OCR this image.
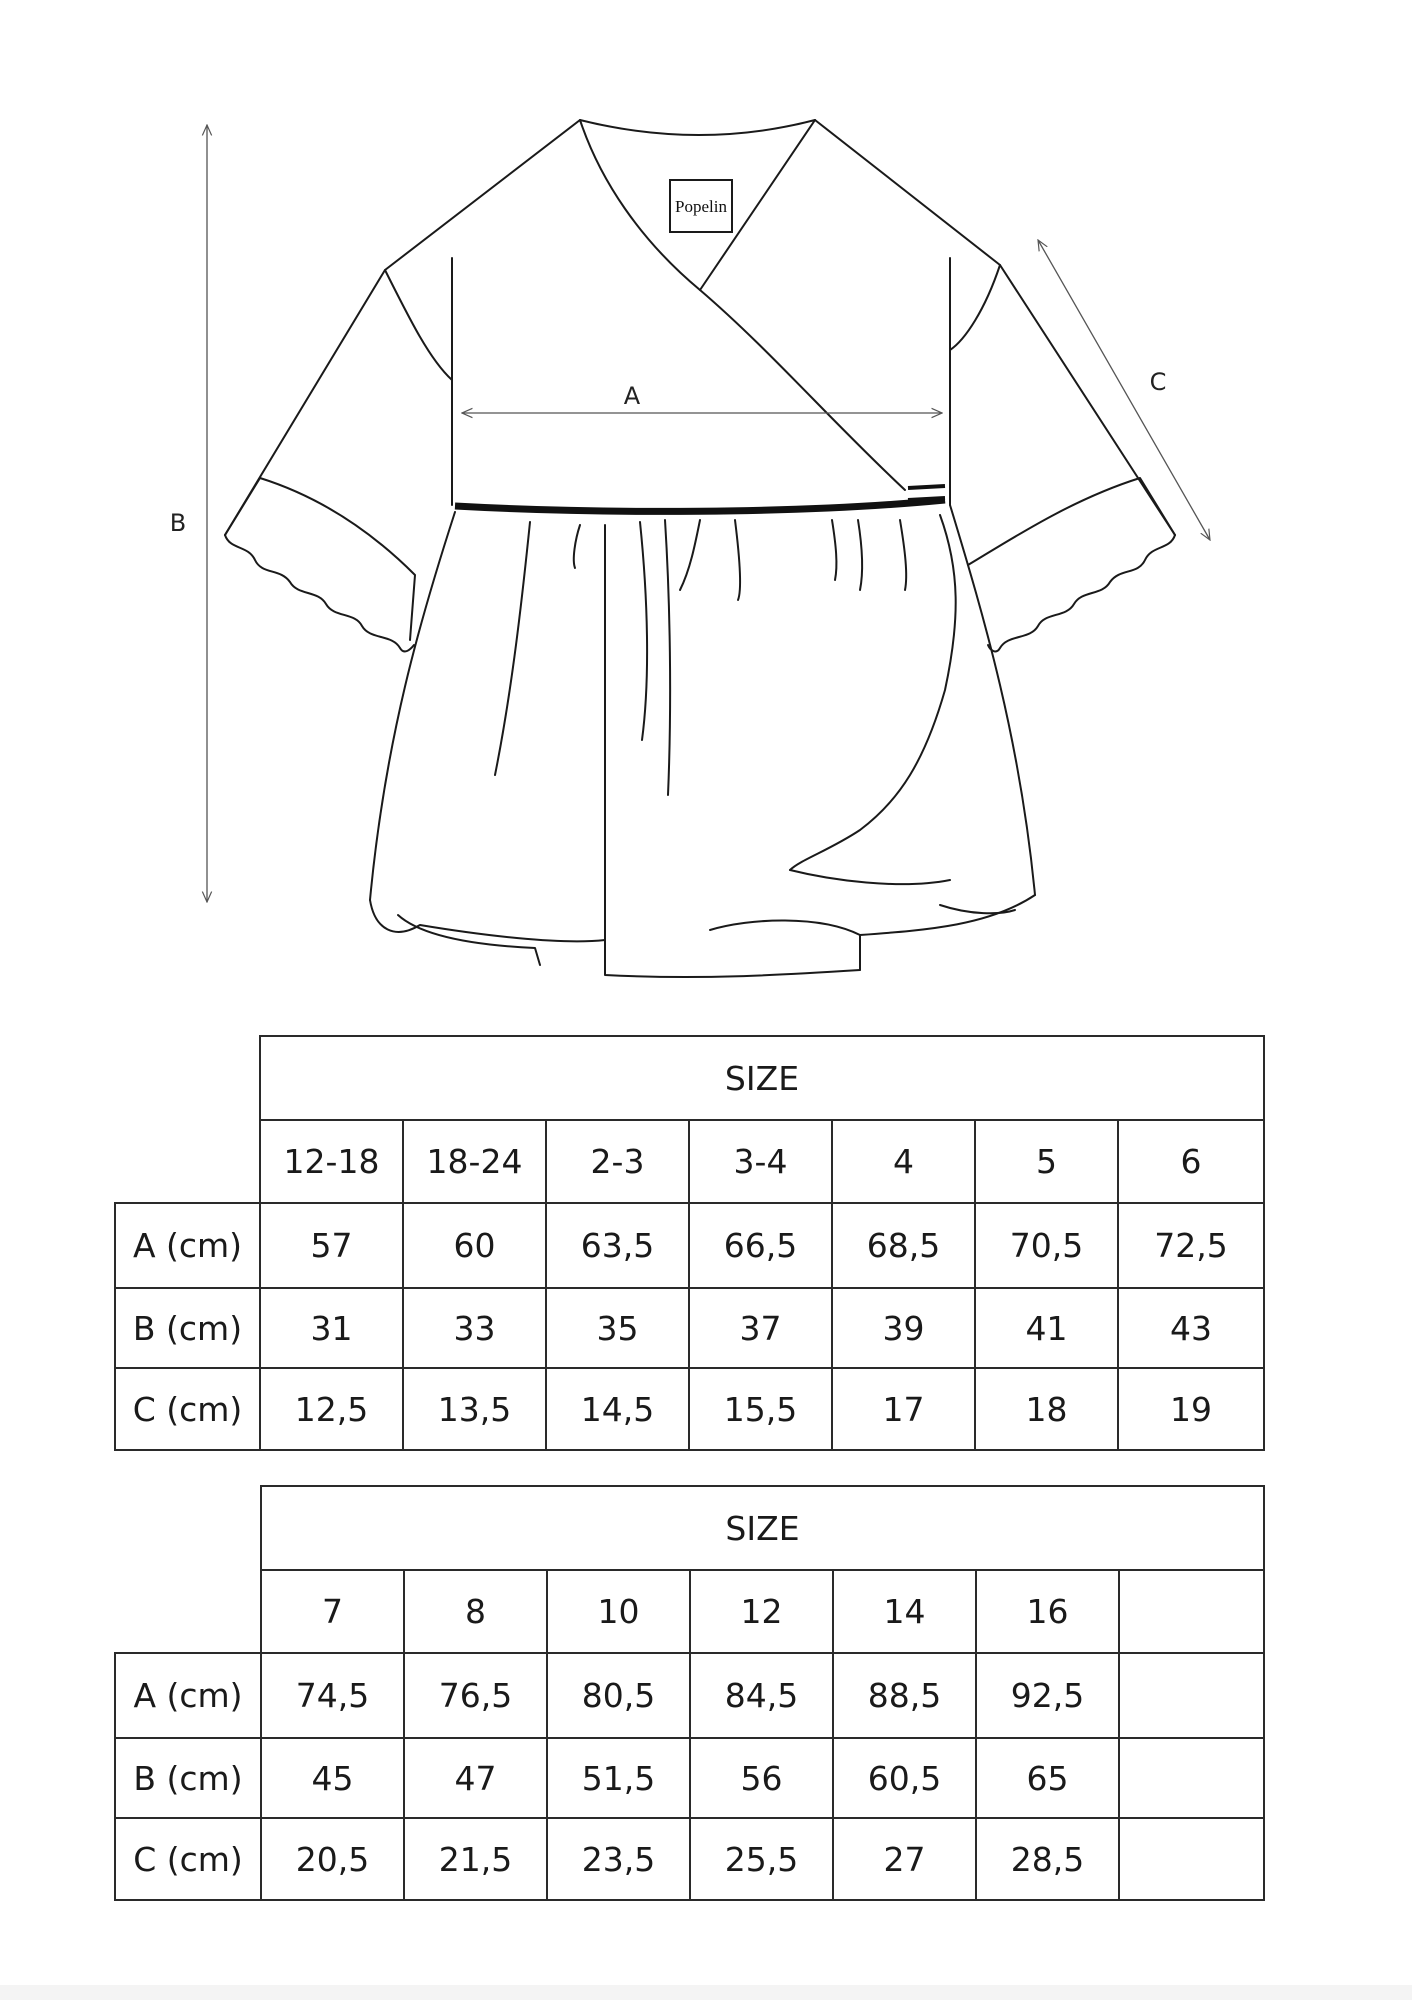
Popelin
A
B
C
	SIZE						
	12-18	18-24	2-3	3-4	4	5	6
A (cm)	57	60	63,5	66,5	68,5	70,5	72,5
B (cm)	31	33	35	37	39	41	43
C (cm)	12,5	13,5	14,5	15,5	17	18	19
	SIZE						
	7	8	10	12	14	16	
A (cm)	74,5	76,5	80,5	84,5	88,5	92,5	
B (cm)	45	47	51,5	56	60,5	65	
C (cm)	20,5	21,5	23,5	25,5	27	28,5	
